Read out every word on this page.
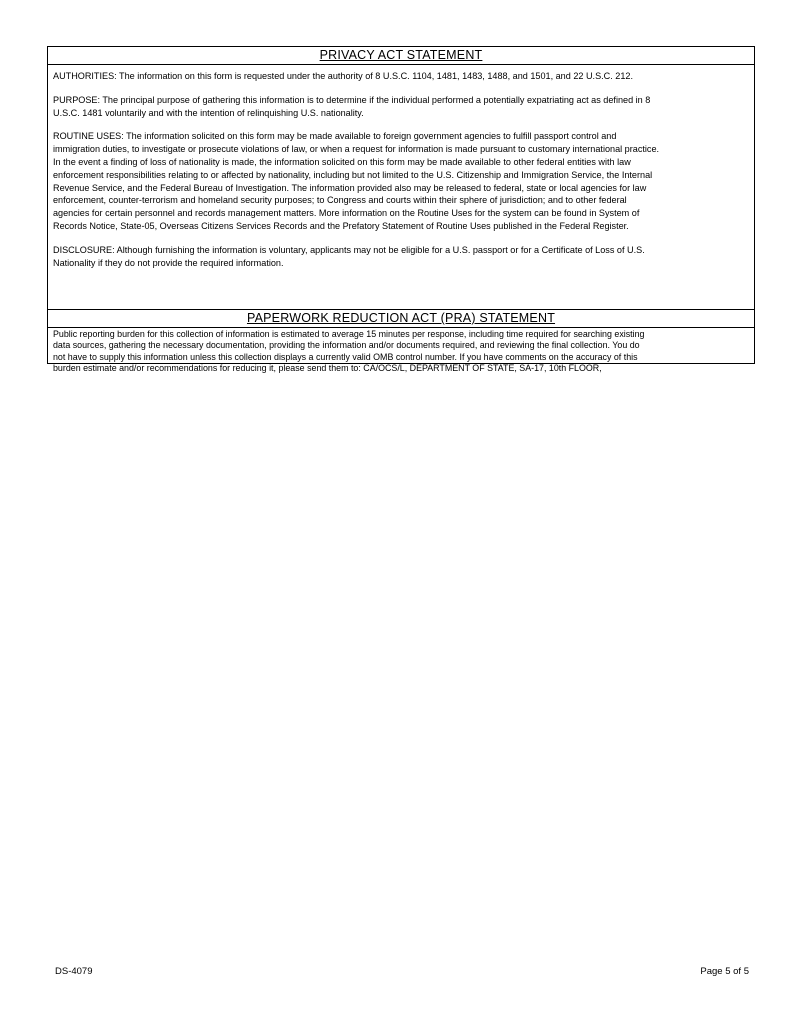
PRIVACY ACT STATEMENT

AUTHORITIES: The information on this form is requested under the authority of 8 U.S.C. 1104, 1481, 1483, 1488, and 1501, and 22 U.S.C. 212.

PURPOSE: The principal purpose of gathering this information is to determine if the individual performed a potentially expatriating act as defined in 8
U.S.C. 1481 voluntarily and with the intention of relinquishing U.S. nationality.

ROUTINE USES: The information solicited on this form may be made available to foreign government agencies to fulfill passport control and
immigration duties, to investigate or prosecute violations of law, or when a request for information is made pursuant to customary international practice.
In the event a finding of loss of nationality is made, the information solicited on this form may be made available to other federal entities with law
enforcement responsibilities relating to or affected by nationality, including but not limited to the U.S. Citizenship and Immigration Service, the Internal
Revenue Service, and the Federal Bureau of Investigation. The information provided also may be released to federal, state or local agencies for law
enforcement, counter-terrorism and homeland security purposes; to Congress and courts within their sphere of jurisdiction; and to other federal
agencies for certain personnel and records management matters. More information on the Routine Uses for the system can be found in System of
Records Notice, State-05, Overseas Citizens Services Records and the Prefatory Statement of Routine Uses published in the Federal Register.

DISCLOSURE: Although furnishing the information is voluntary, applicants may not be eligible for a U.S. passport or for a Certificate of Loss of U.S.
Nationality if they do not provide the required information.

PAPERWORK REDUCTION ACT (PRA) STATEMENT

Public reporting burden for this collection of information is estimated to average 15 minutes per response, including time required for searching existing
data sources, gathering the necessary documentation, providing the information and/or documents required, and reviewing the final collection. You do
not have to supply this information unless this collection displays a currently valid OMB control number. If you have comments on the accuracy of this
burden estimate and/or recommendations for reducing it, please send them to: CA/OCS/L, DEPARTMENT OF STATE, SA-17, 10th FLOOR,

DS-4079	Page 5 of 5
